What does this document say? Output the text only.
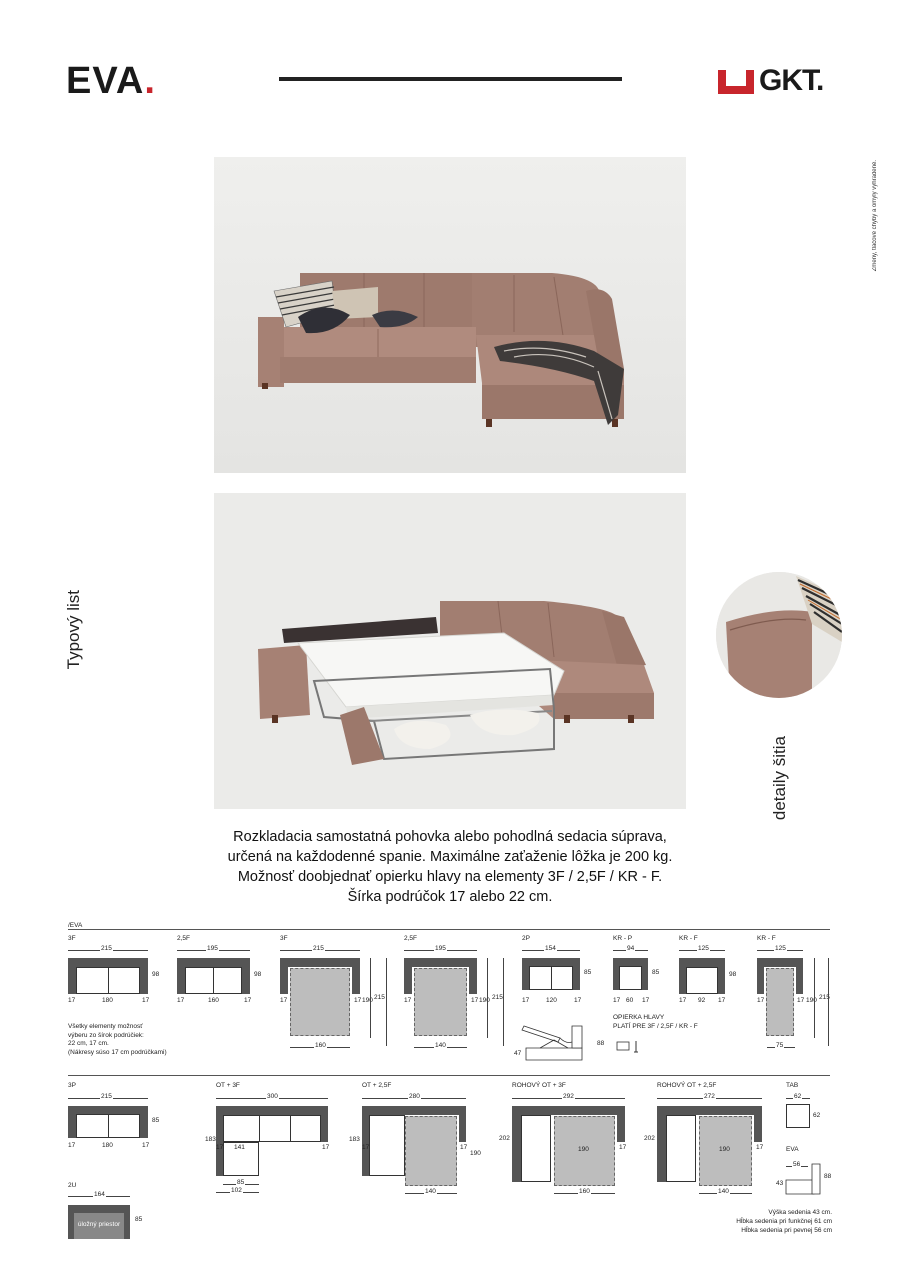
EVA.	GKT.
Zmeny, tlačové chyby a omyly vyhradené.
Typový list
detaily šitia
Rozkladacia samostatná pohovka alebo pohodlná sedacia súprava,
určená na každodenné spanie. Maximálne zaťaženie lôžka je 200 kg.
Možnosť doobjednať opierku hlavy na elementy 3F / 2,5F / KR - F.
Šírka podrúčok 17 alebo 22 cm.
/EVA
3F
215
98
17	180	17
2,5F
195
98
17	160	17
3F
215
17	17 190 215
160
2,5F
195
17	17 190 215
140
2P
154
85
17	120	17
KR - P
94
85
17 60 17
KR - F
125
98
17 92 17
KR - F
125
17	17 190 215
75
Všetky elementy možnosť
výberu zo šírok podrúčiek:
22 cm, 17 cm.
(Nákresy súso 17 cm podrúčkami)	47
88
OPIERKA HLAVY
PLATÍ PRE 3F / 2,5F / KR - F
3P
215
85
17	180	17
OT + 3F
300
183
17 141	17
85
102
OT + 2,5F
280
183
17	17
190
140
ROHOVÝ OT + 3F
292
202
190	17
160
ROHOVÝ OT + 2,5F
272
202
190	17
140
TAB
62
62
EVA
56
43
88
2U
164
úložný priestor
85
Výška sedenia 43 cm.
Hĺbka sedenia pri funkčnej 61 cm
Hĺbka sedenia pri pevnej 56 cm
